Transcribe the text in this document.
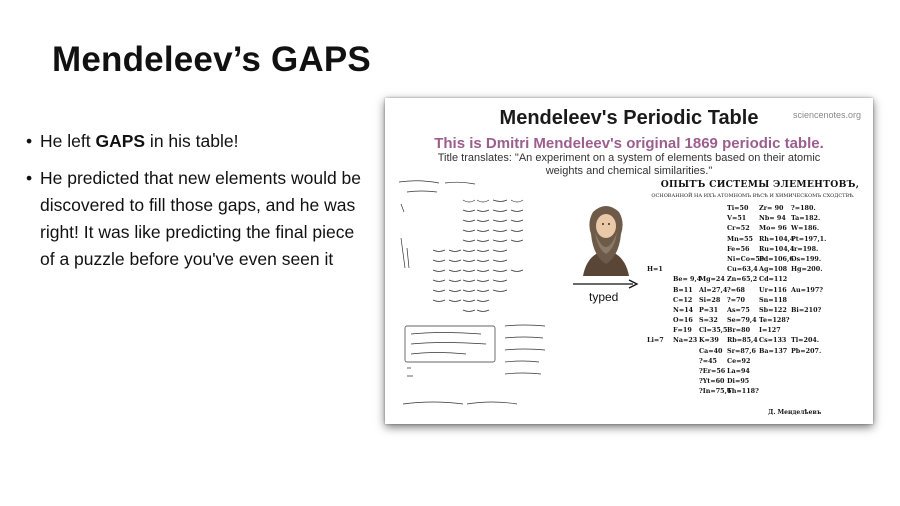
Mendeleev’s GAPS
• He left GAPS in his table!
• He predicted that new elements would be discovered to fill those gaps, and he was right! It was like predicting the final piece of a puzzle before you've even seen it
Mendeleev's Periodic Table	sciencenotes.org
This is Dmitri Mendeleev's original 1869 periodic table.
Title translates: "An experiment on a system of elements based on their atomic weights and chemical similarities."
typed
ОПЫТЪ СИСТЕМЫ ЭЛЕМЕНТОВЪ,
ОСНОВАННОЙ НА ИХЪ АТОМНОМЪ ВѢСѢ И ХИМИЧЕСКОМЪ СХОДСТВѢ.
Ti=50 Zr= 90 ?=180.
V=51 Nb= 94 Ta=182.
Cr=52 Mo= 96 W=186.
Mn=55 Rh=104,4
Pt=197,1.
Fe=56 Ru=104,4
Ir=198.
Ni=Co=59
Pd=106,6
Os=199.
H=1	Cu=63,4 Ag=108 Hg=200.
Be= 9,4
Mg=24 Zn=65,2 Cd=112
B=11 Al=27,4 ?=68 Ur=116 Au=197?
C=12 Si=28 ?=70 Sn=118
N=14 P=31 As=75 Sb=122 Bi=210?
O=16 S=32 Se=79,4 Te=128?
F=19 Cl=35,5 Br=80 I=127
Li=7 Na=23 K=39 Rb=85,4 Cs=133 Tl=204.
Ca=40 Sr=87,6 Ba=137 Pb=207.
?=45 Ce=92
?Er=56 La=94
?Yt=60 Di=95
?In=75,6
Th=118?
Д. Менделѣевъ
